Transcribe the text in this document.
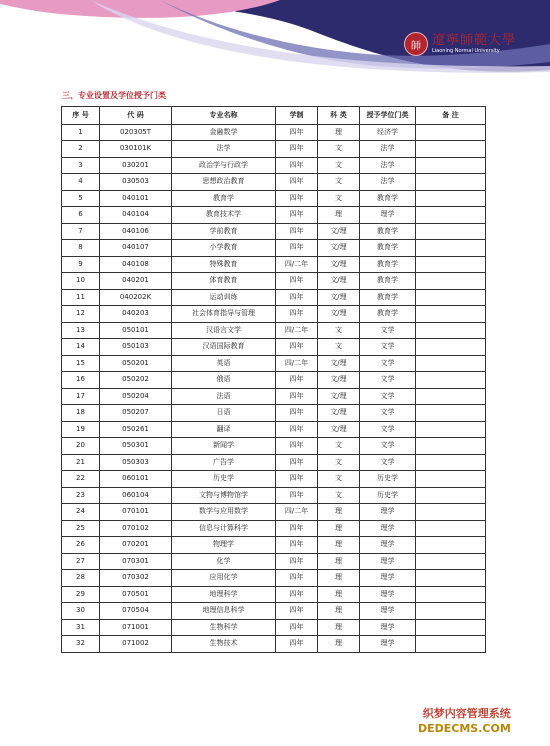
師 遼寧師範大學
Liaoning Normal University
三、专业设置及学位授予门类
序 号	代 码	专业名称	学制	科 类	授予学位门类	备 注
1	020305T	金融数学	四年	理	经济学	
2	030101K	法学	四年	文	法学	
3	030201	政治学与行政学	四年	文	法学	
4	030503	思想政治教育	四年	文	法学	
5	040101	教育学	四年	文	教育学	
6	040104	教育技术学	四年	理	理学	
7	040106	学前教育	四年	文/理	教育学	
8	040107	小学教育	四年	文/理	教育学	
9	040108	特殊教育	四/二年	文/理	教育学	
10	040201	体育教育	四年	文/理	教育学	
11	040202K	运动训练	四年	文/理	教育学	
12	040203	社会体育指导与管理	四年	文/理	教育学	
13	050101	汉语言文学	四/二年	文	文学	
14	050103	汉语国际教育	四年	文	文学	
15	050201	英语	四/二年	文/理	文学	
16	050202	俄语	四年	文/理	文学	
17	050204	法语	四年	文/理	文学	
18	050207	日语	四年	文/理	文学	
19	050261	翻译	四年	文/理	文学	
20	050301	新闻学	四年	文	文学	
21	050303	广告学	四年	文	文学	
22	060101	历史学	四年	文	历史学	
23	060104	文物与博物馆学	四年	文	历史学	
24	070101	数学与应用数学	四/二年	理	理学	
25	070102	信息与计算科学	四年	理	理学	
26	070201	物理学	四年	理	理学	
27	070301	化学	四年	理	理学	
28	070302	应用化学	四年	理	理学	
29	070501	地理科学	四年	理	理学	
30	070504	地理信息科学	四年	理	理学	
31	071001	生物科学	四年	理	理学	
32	071002	生物技术	四年	理	理学	
织梦内容管理系统
DEDECMS.COM
